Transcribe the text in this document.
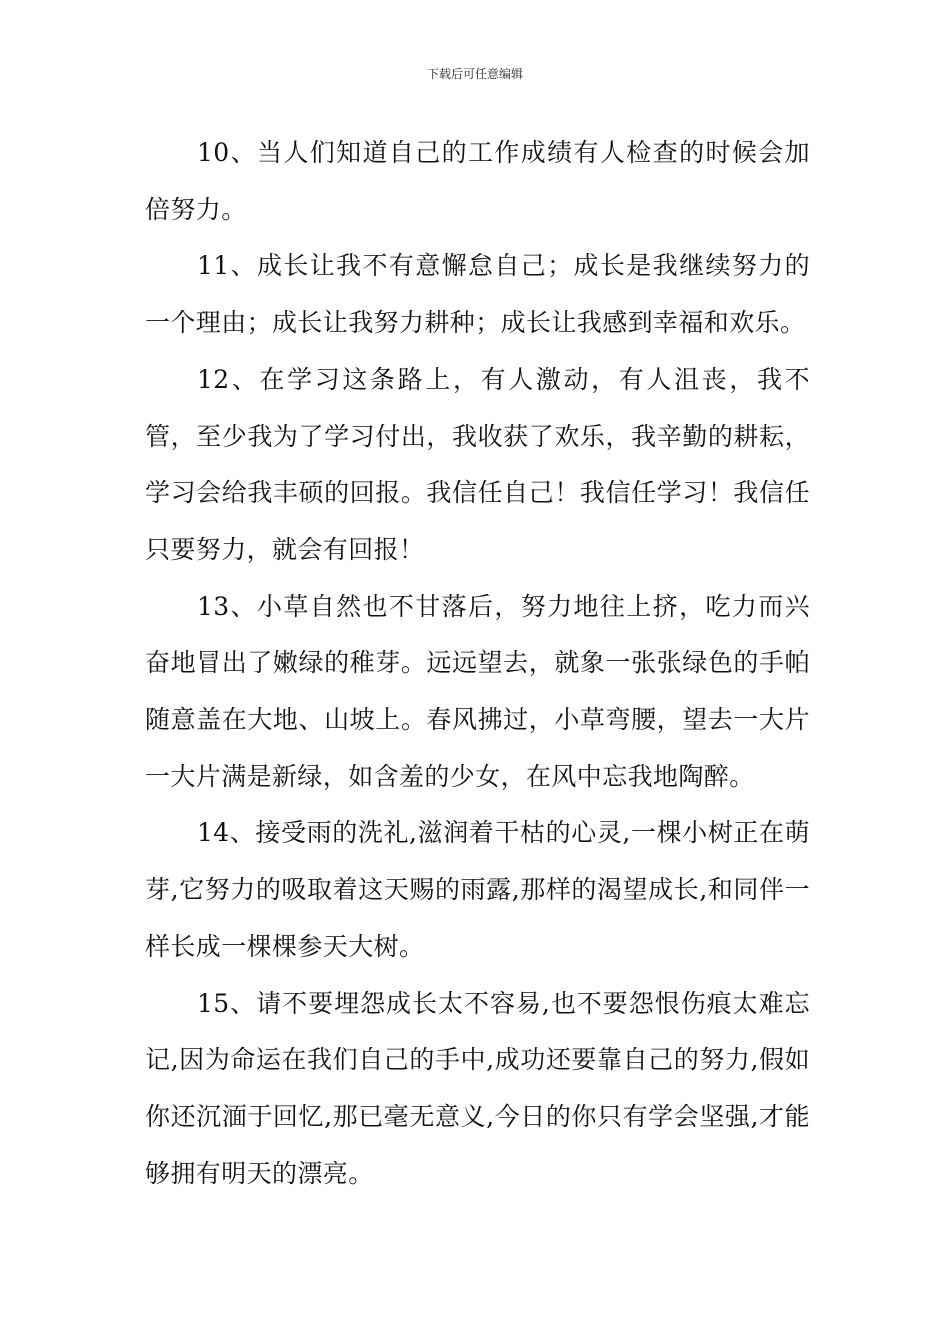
下载后可任意编辑

10、当人们知道自己的工作成绩有人检查的时候会加倍努力。

11、成长让我不有意懈怠自己；成长是我继续努力的一个理由；成长让我努力耕种；成长让我感到幸福和欢乐。

12、在学习这条路上，有人激动，有人沮丧，我不管，至少我为了学习付出，我收获了欢乐，我辛勤的耕耘，学习会给我丰硕的回报。我信任自己！我信任学习！我信任只要努力，就会有回报！

13、小草自然也不甘落后，努力地往上挤，吃力而兴奋地冒出了嫩绿的稚芽。远远望去，就象一张张绿色的手帕随意盖在大地、山坡上。春风拂过，小草弯腰，望去一大片一大片满是新绿，如含羞的少女，在风中忘我地陶醉。

14、接受雨的洗礼,滋润着干枯的心灵,一棵小树正在萌芽,它努力的吸取着这天赐的雨露,那样的渴望成长,和同伴一样长成一棵棵参天大树。

15、请不要埋怨成长太不容易,也不要怨恨伤痕太难忘记,因为命运在我们自己的手中,成功还要靠自己的努力,假如你还沉湎于回忆,那已毫无意义,今日的你只有学会坚强,才能够拥有明天的漂亮。
